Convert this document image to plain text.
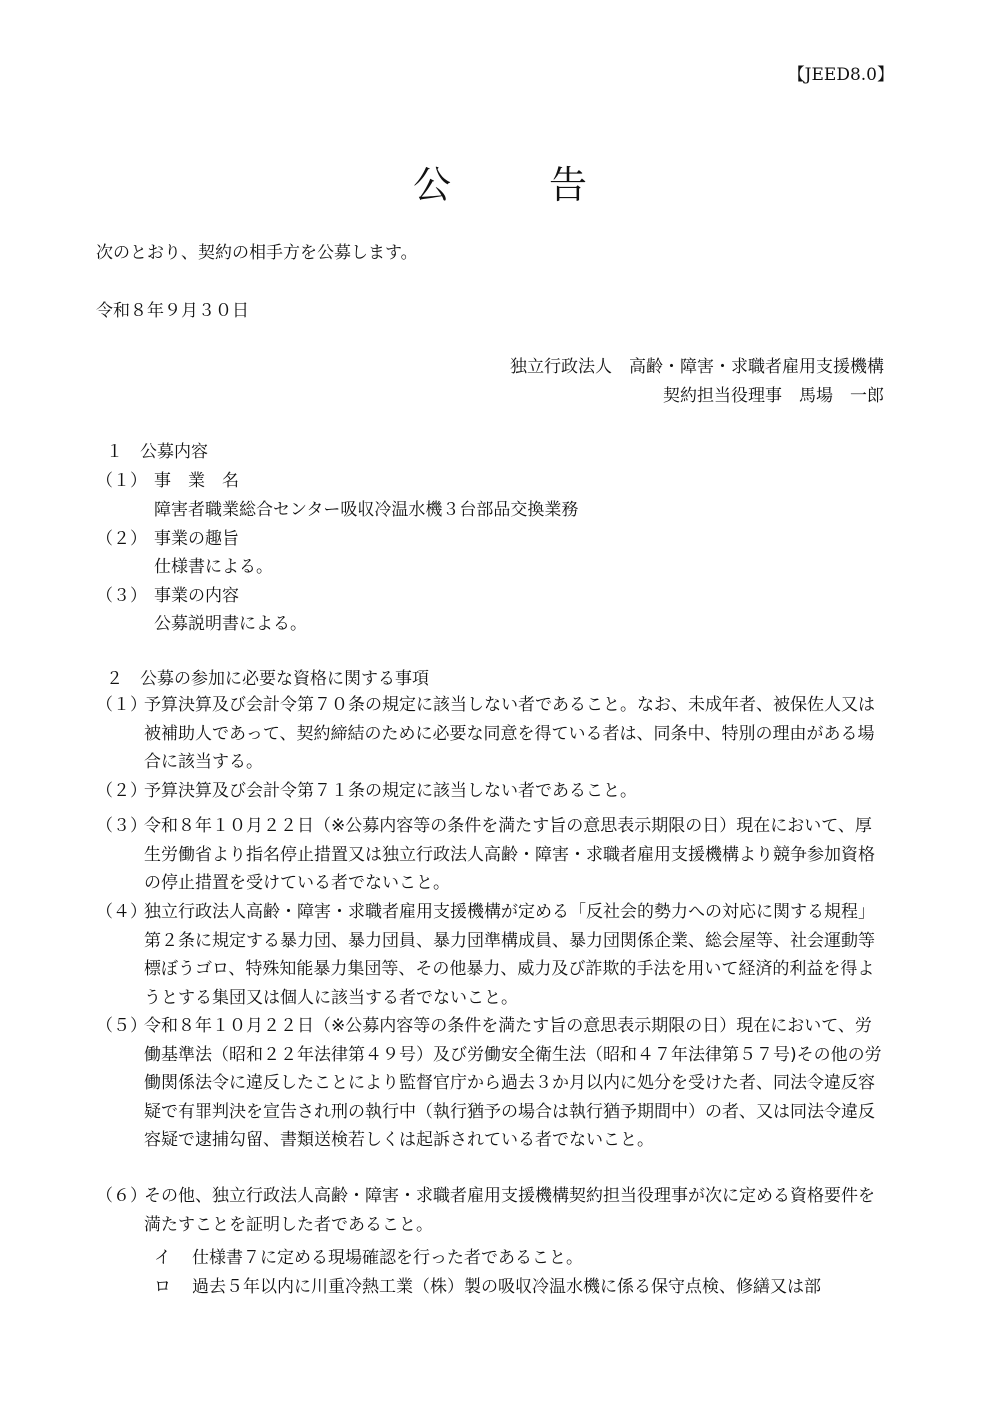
【JEED8.0】
公　告
次のとおり、契約の相手方を公募します。
令和８年９月３０日
独立行政法人　高齢・障害・求職者雇用支援機構
契約担当役理事　馬場　一郎
１　公募内容
（１） 事　業　名
障害者職業総合センター吸収冷温水機３台部品交換業務
（２） 事業の趣旨
仕様書による。
（３） 事業の内容
公募説明書による。
２　公募の参加に必要な資格に関する事項
（１）
予算決算及び会計令第７０条の規定に該当しない者であること。なお、未成年者、被保佐人又は被補助人であって、契約締結のために必要な同意を得ている者は、同条中、特別の理由がある場合に該当する。
（２）
予算決算及び会計令第７１条の規定に該当しない者であること。
（３）
令和８年１０月２２日（※公募内容等の条件を満たす旨の意思表示期限の日）現在において、厚生労働省より指名停止措置又は独立行政法人高齢・障害・求職者雇用支援機構より競争参加資格の停止措置を受けている者でないこと。
（４）
独立行政法人高齢・障害・求職者雇用支援機構が定める「反社会的勢力への対応に関する規程」第２条に規定する暴力団、暴力団員、暴力団準構成員、暴力団関係企業、総会屋等、社会運動等標ぼうゴロ、特殊知能暴力集団等、その他暴力、威力及び詐欺的手法を用いて経済的利益を得ようとする集団又は個人に該当する者でないこと。
（５）
令和８年１０月２２日（※公募内容等の条件を満たす旨の意思表示期限の日）現在において、労働基準法（昭和２２年法律第４９号）及び労働安全衛生法（昭和４７年法律第５７号)その他の労働関係法令に違反したことにより監督官庁から過去３か月以内に処分を受けた者、同法令違反容疑で有罪判決を宣告され刑の執行中（執行猶予の場合は執行猶予期間中）の者、又は同法令違反容疑で逮捕勾留、書類送検若しくは起訴されている者でないこと。
（６）
その他、独立行政法人高齢・障害・求職者雇用支援機構契約担当役理事が次に定める資格要件を満たすことを証明した者であること。
イ 仕様書７に定める現場確認を行った者であること。
ロ 過去５年以内に川重冷熱工業（株）製の吸収冷温水機に係る保守点検、修繕又は部
